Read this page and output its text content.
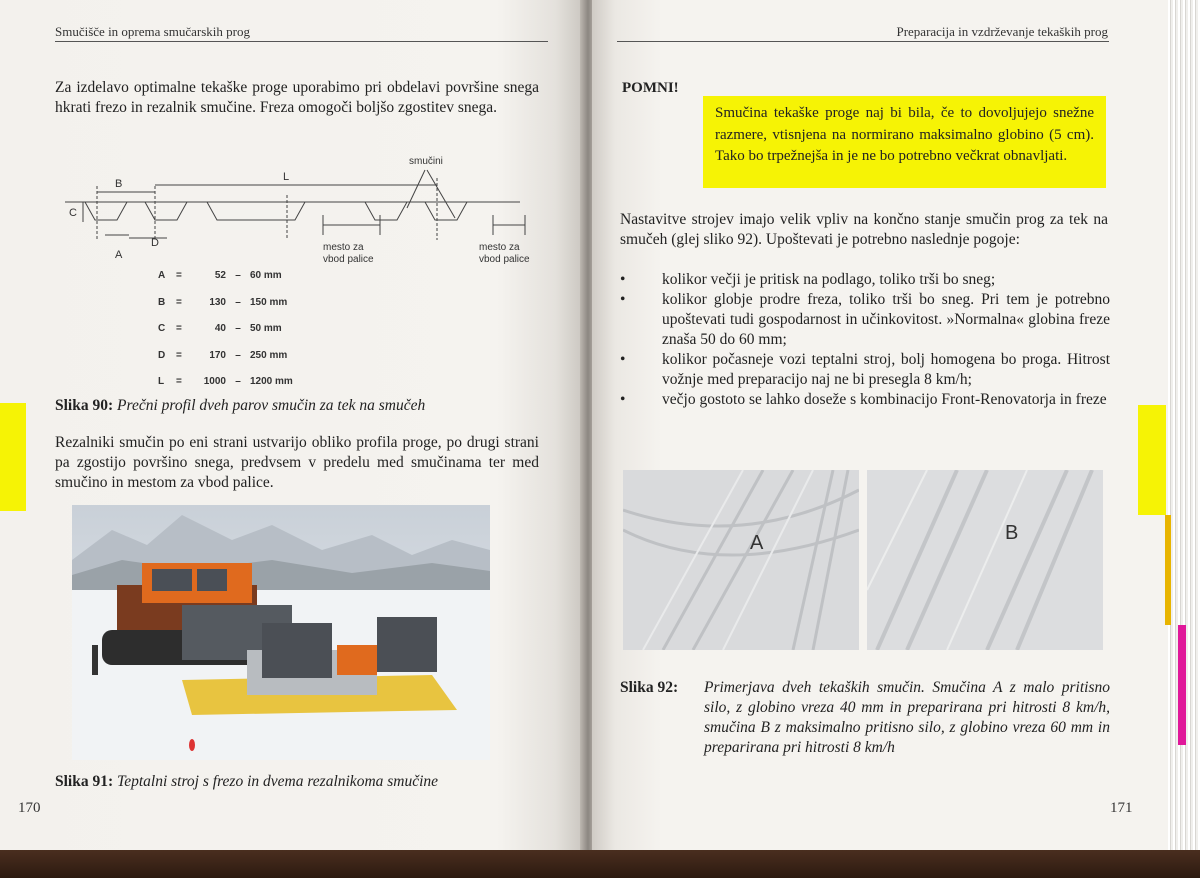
Smučišče in oprema smučarskih prog
Za izdelavo optimalne tekaške proge uporabimo pri obdelavi površine snega hkrati frezo in rezalnik smučine. Freza omogoči boljšo zgostitev snega.
B
L
C
D
A
smučini
mesto za
vbod palice
mesto za
vbod palice
A	=	52 – 60 mm
B	=	130 – 150 mm
C	=	40 – 50 mm
D	=	170 – 250 mm
L	=	1000 – 1200 mm
Slika 90: Prečni profil dveh parov smučin za tek na smučeh
Rezalniki smučin po eni strani ustvarijo obliko profila proge, po drugi strani pa zgostijo površino snega, predvsem v predelu med smučinama ter med smučino in mestom za vbod palice.
Slika 91: Teptalni stroj s frezo in dvema rezalnikoma smučine
170
Preparacija in vzdrževanje tekaških prog
POMNI!
Smučina tekaške proge naj bi bila, če to dovoljujejo snežne razmere, vtisnjena na normirano maksimalno globino (5 cm). Tako bo trpežnejša in je ne bo potrebno večkrat obnavljati.
Nastavitve strojev imajo velik vpliv na končno stanje smučin prog za tek na smučeh (glej sliko 92). Upoštevati je potrebno naslednje pogoje:
• kolikor večji je pritisk na podlago, toliko trši bo sneg;
• kolikor globje prodre freza, toliko trši bo sneg. Pri tem je potrebno upoštevati tudi gospodarnost in učinkovitost. »Normalna« globina freze znaša 50 do 60 mm;
• kolikor počasneje vozi teptalni stroj, bolj homogena bo proga. Hitrost vožnje med preparacijo naj ne bi presegla 8 km/h;
• večjo gostoto se lahko doseže s kombinacijo Front-Renovatorja in freze
A	B
Slika 92:	Primerjava dveh tekaških smučin. Smučina A z malo pritisno silo, z globino vreza 40 mm in preparirana pri hitrosti 8 km/h, smučina B z maksimalno pritisno silo, z globino vreza 60 mm in preparirana pri hitrosti 8 km/h
171
